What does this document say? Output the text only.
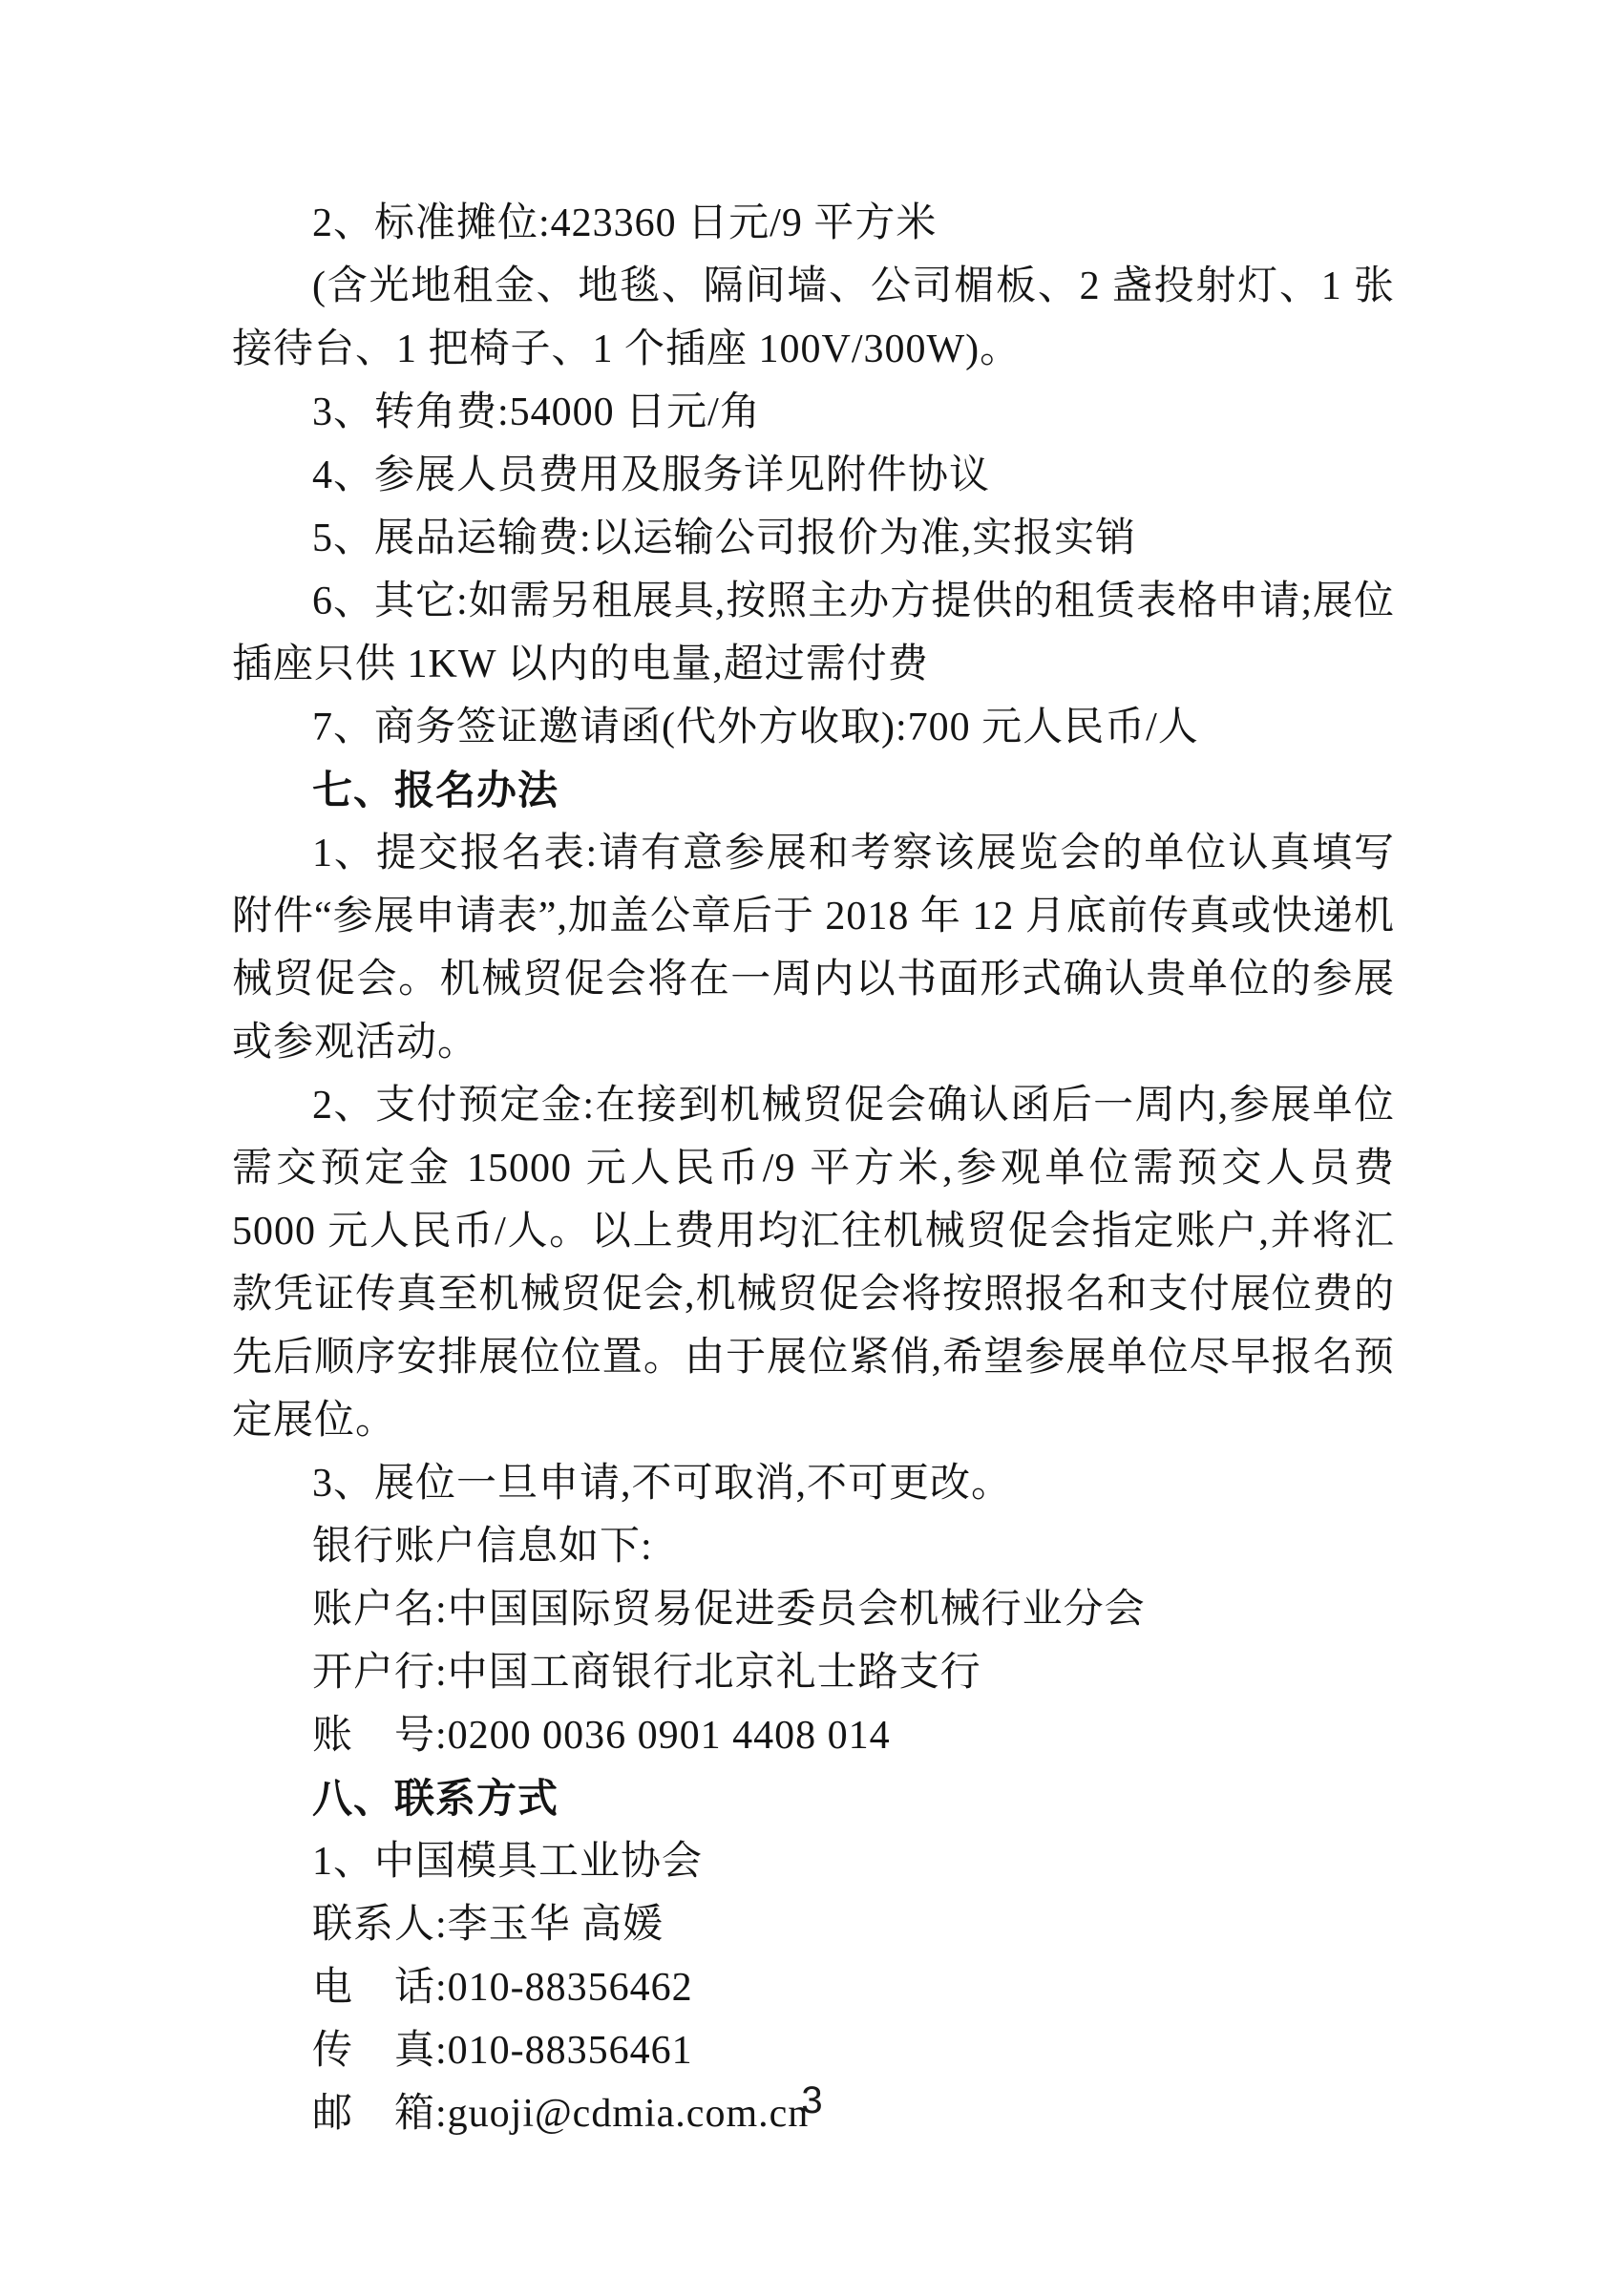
2、标准摊位:423360 日元/9 平方米

(含光地租金、地毯、隔间墙、公司楣板、2 盏投射灯、1 张接待台、1 把椅子、1 个插座 100V/300W)。

3、转角费:54000 日元/角

4、参展人员费用及服务详见附件协议

5、展品运输费:以运输公司报价为准,实报实销

6、其它:如需另租展具,按照主办方提供的租赁表格申请;展位插座只供 1KW 以内的电量,超过需付费

7、商务签证邀请函(代外方收取):700 元人民币/人

七、报名办法

1、提交报名表:请有意参展和考察该展览会的单位认真填写附件“参展申请表”,加盖公章后于 2018 年 12 月底前传真或快递机械贸促会。机械贸促会将在一周内以书面形式确认贵单位的参展或参观活动。

2、支付预定金:在接到机械贸促会确认函后一周内,参展单位需交预定金 15000 元人民币/9 平方米,参观单位需预交人员费 5000 元人民币/人。以上费用均汇往机械贸促会指定账户,并将汇款凭证传真至机械贸促会,机械贸促会将按照报名和支付展位费的先后顺序安排展位位置。由于展位紧俏,希望参展单位尽早报名预定展位。

3、展位一旦申请,不可取消,不可更改。

银行账户信息如下:

账户名:中国国际贸易促进委员会机械行业分会

开户行:中国工商银行北京礼士路支行

账　号:0200 0036 0901 4408 014

八、联系方式

1、中国模具工业协会

联系人:李玉华 高媛

电　话:010-88356462

传　真:010-88356461

邮　箱:guoji@cdmia.com.cn

3
